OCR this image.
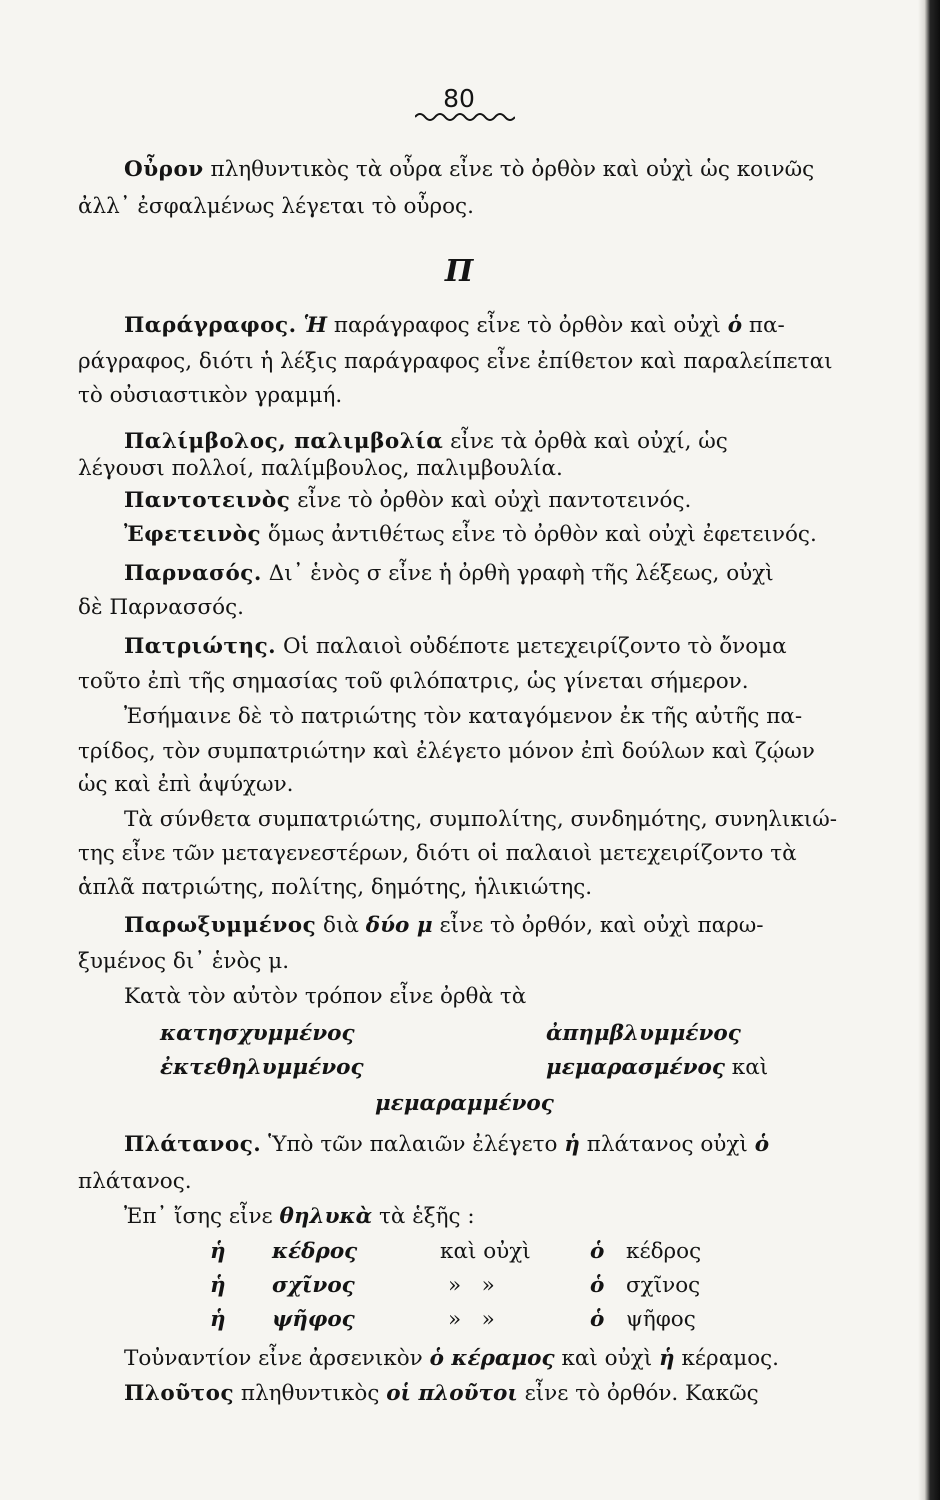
80
Οὖρον πληθυντικὸς τὰ οὖρα εἶνε τὸ ὀρθὸν καὶ οὐχὶ ὡς κοινῶς
ἀλλ᾽ ἐσφαλμένως λέγεται τὸ οὖρος.
Π
Παράγραφος. Ἡ παράγραφος εἶνε τὸ ὀρθὸν καὶ οὐχὶ ὁ πα-
ράγραφος, διότι ἡ λέξις παράγραφος εἶνε ἐπίθετον καὶ παραλείπεται
τὸ οὐσιαστικὸν γραμμή.
Παλίμβολος, παλιμβολία εἶνε τὰ ὀρθὰ καὶ οὐχί, ὡς
λέγουσι πολλοί, παλίμβουλος, παλιμβουλία.
Παντοτεινὸς εἶνε τὸ ὀρθὸν καὶ οὐχὶ παντοτεινός.
Ἐφετεινὸς ὅμως ἀντιθέτως εἶνε τὸ ὀρθὸν καὶ οὐχὶ ἐφετεινός.
Παρνασός. Δι᾽ ἑνὸς σ εἶνε ἡ ὀρθὴ γραφὴ τῆς λέξεως, οὐχὶ
δὲ Παρνασσός.
Πατριώτης. Οἱ παλαιοὶ οὐδέποτε μετεχειρίζοντο τὸ ὄνομα
τοῦτο ἐπὶ τῆς σημασίας τοῦ φιλόπατρις, ὡς γίνεται σήμερον.
Ἐσήμαινε δὲ τὸ πατριώτης τὸν καταγόμενον ἐκ τῆς αὐτῆς πα-
τρίδος, τὸν συμπατριώτην καὶ ἐλέγετο μόνον ἐπὶ δούλων καὶ ζῴων
ὡς καὶ ἐπὶ ἀψύχων.
Τὰ σύνθετα συμπατριώτης, συμπολίτης, συνδημότης, συνηλικιώ-
της εἶνε τῶν μεταγενεστέρων, διότι οἱ παλαιοὶ μετεχειρίζοντο τὰ
ἁπλᾶ πατριώτης, πολίτης, δημότης, ἡλικιώτης.
Παρωξυμμένος διὰ δύο μ εἶνε τὸ ὀρθόν, καὶ οὐχὶ παρω-
ξυμένος δι᾽ ἑνὸς μ.
Κατὰ τὸν αὐτὸν τρόπον εἶνε ὀρθὰ τὰ
κατησχυμμένος	ἀπημβλυμμένος
ἐκτεθηλυμμένος	μεμαρασμένος καὶ
μεμαραμμένος
Πλάτανος. Ὑπὸ τῶν παλαιῶν ἐλέγετο ἡ πλάτανος οὐχὶ ὁ
πλάτανος.
Ἐπ᾽ ἴσης εἶνε θηλυκὰ τὰ ἑξῆς :
ἡ κέδρος	καὶ οὐχὶ	ὁ κέδρος
ἡ σχῖνος	»   »	ὁ σχῖνος
ἡ ψῆφος	»   »	ὁ ψῆφος
Τοὐναντίον εἶνε ἀρσενικὸν ὁ κέραμος καὶ οὐχὶ ἡ κέραμος.
Πλοῦτος πληθυντικὸς οἱ πλοῦτοι εἶνε τὸ ὀρθόν. Κακῶς
